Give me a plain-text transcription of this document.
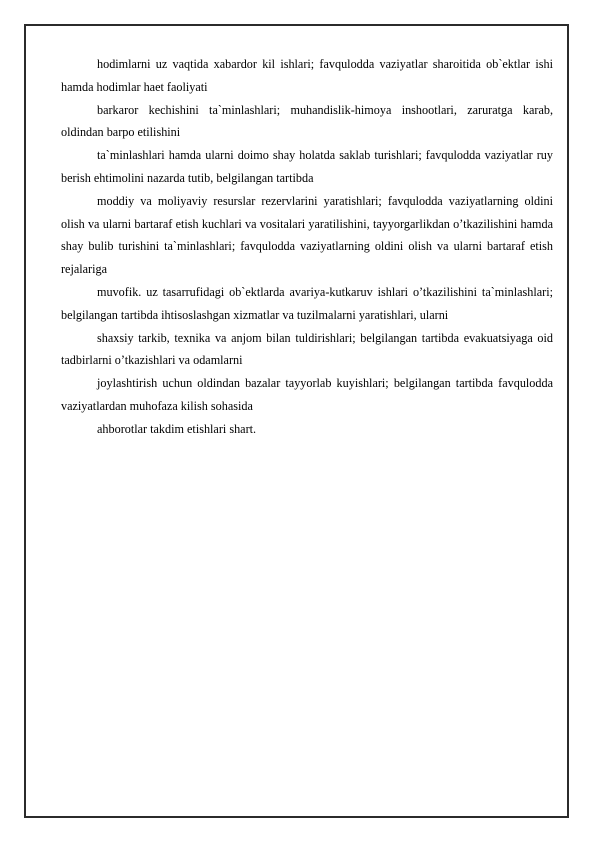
hodimlarni uz vaqtida xabardor kil ishlari; favqulodda vaziyatlar sharoitida ob`ektlar ishi hamda hodimlar haet faoliyati

barkaror kechishini ta`minlashlari; muhandislik-himoya inshootlari, zaruratga karab, oldindan barpo etilishini

ta`minlashlari hamda ularni doimo shay holatda saklab turishlari; favqulodda vaziyatlar ruy berish ehtimolini nazarda tutib, belgilangan tartibda

moddiy va moliyaviy resurslar rezervlarini yaratishlari; favqulodda vaziyatlarning oldini olish va ularni bartaraf etish kuchlari va vositalari yaratilishini, tayyorgarlikdan o’tkazilishini hamda shay bulib turishini ta`minlashlari; favqulodda vaziyatlarning oldini olish va ularni bartaraf etish rejalariga

muvofik. uz tasarrufidagi ob`ektlarda avariya-kutkaruv ishlari o’tkazilishini ta`minlashlari; belgilangan tartibda ihtisoslashgan xizmatlar va tuzilmalarni yaratishlari, ularni

shaxsiy tarkib, texnika va anjom bilan tuldirishlari; belgilangan tartibda evakuatsiyaga oid tadbirlarni o’tkazishlari va odamlarni

joylashtirish uchun oldindan bazalar tayyorlab kuyishlari; belgilangan tartibda favqulodda vaziyatlardan muhofaza kilish sohasida

ahborotlar takdim etishlari shart.
